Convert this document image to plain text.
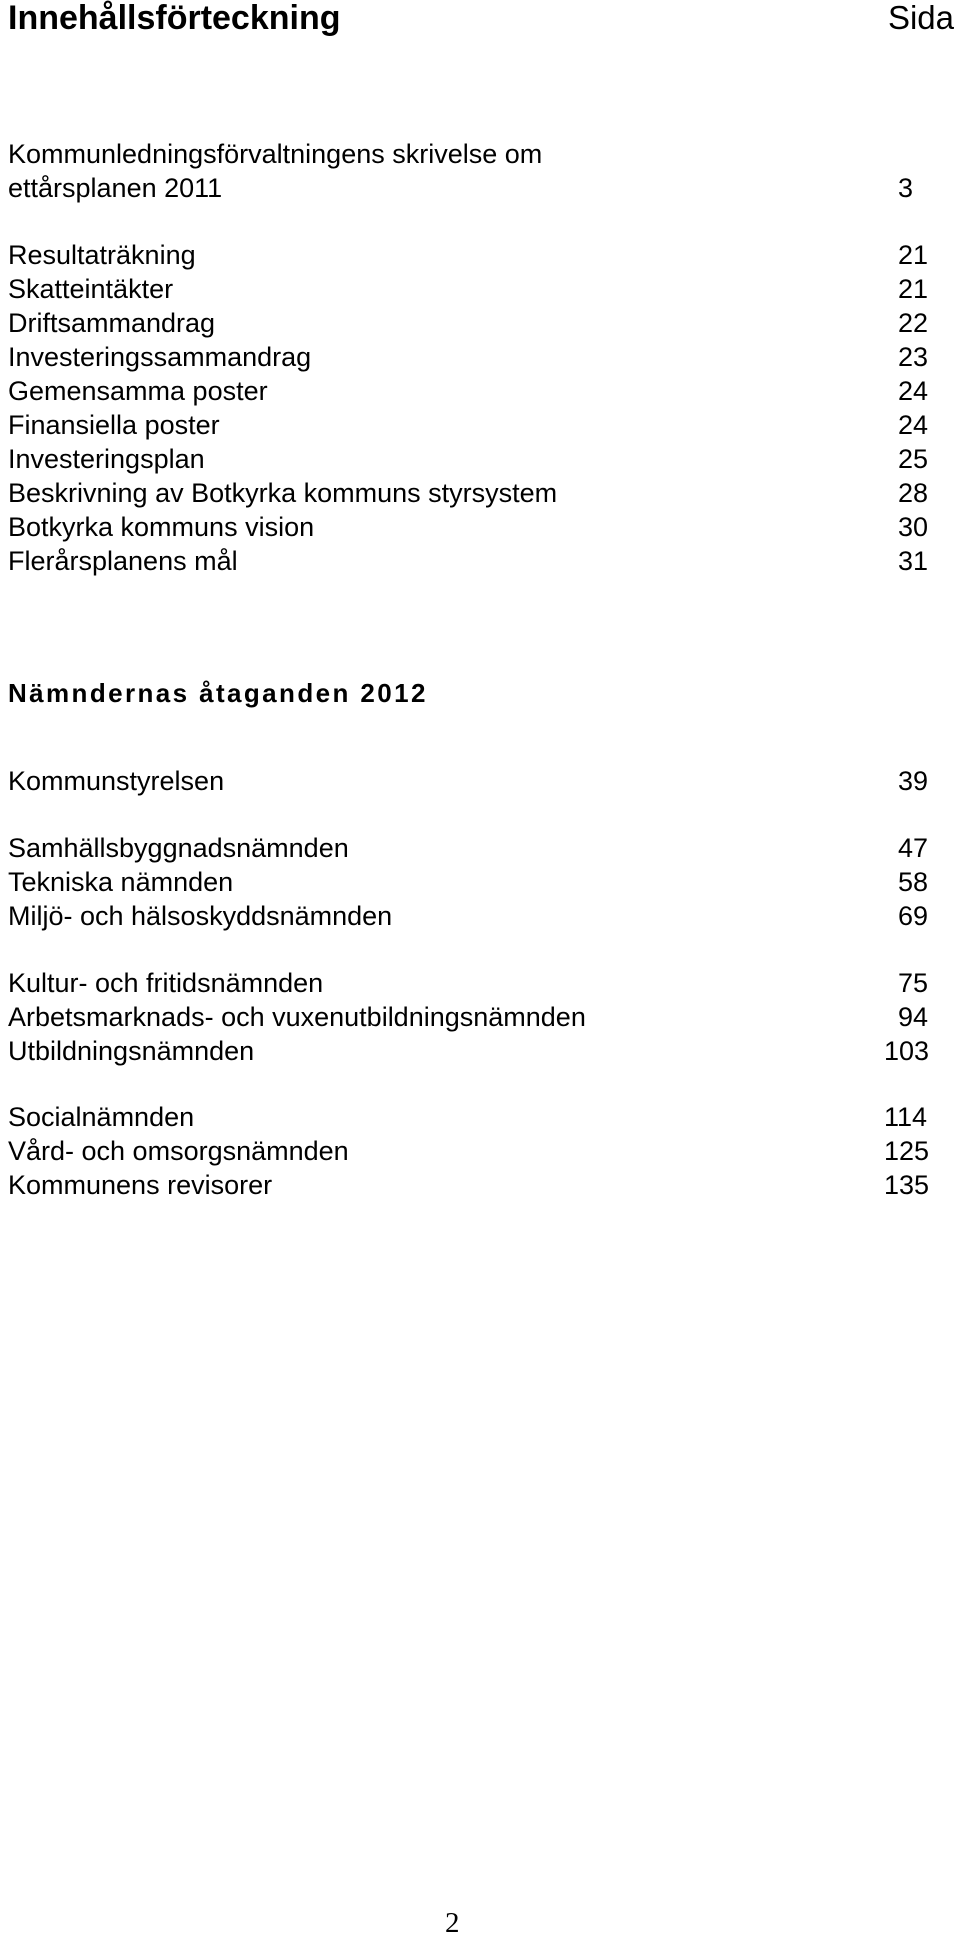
Innehållsförteckning	Sida
Kommunledningsförvaltningens skrivelse om
ettårsplanen 2011	3
Resultaträkning	21
Skatteintäkter	21
Driftsammandrag	22
Investeringssammandrag	23
Gemensamma poster	24
Finansiella poster	24
Investeringsplan	25
Beskrivning av Botkyrka kommuns styrsystem	28
Botkyrka kommuns vision	30
Flerårsplanens mål	31
Nämndernas åtaganden 2012
Kommunstyrelsen	39
Samhällsbyggnadsnämnden	47
Tekniska nämnden	58
Miljö- och hälsoskyddsnämnden	69
Kultur- och fritidsnämnden	75
Arbetsmarknads- och vuxenutbildningsnämnden	94
Utbildningsnämnden	103
Socialnämnden	114
Vård- och omsorgsnämnden	125
Kommunens revisorer	135
2
